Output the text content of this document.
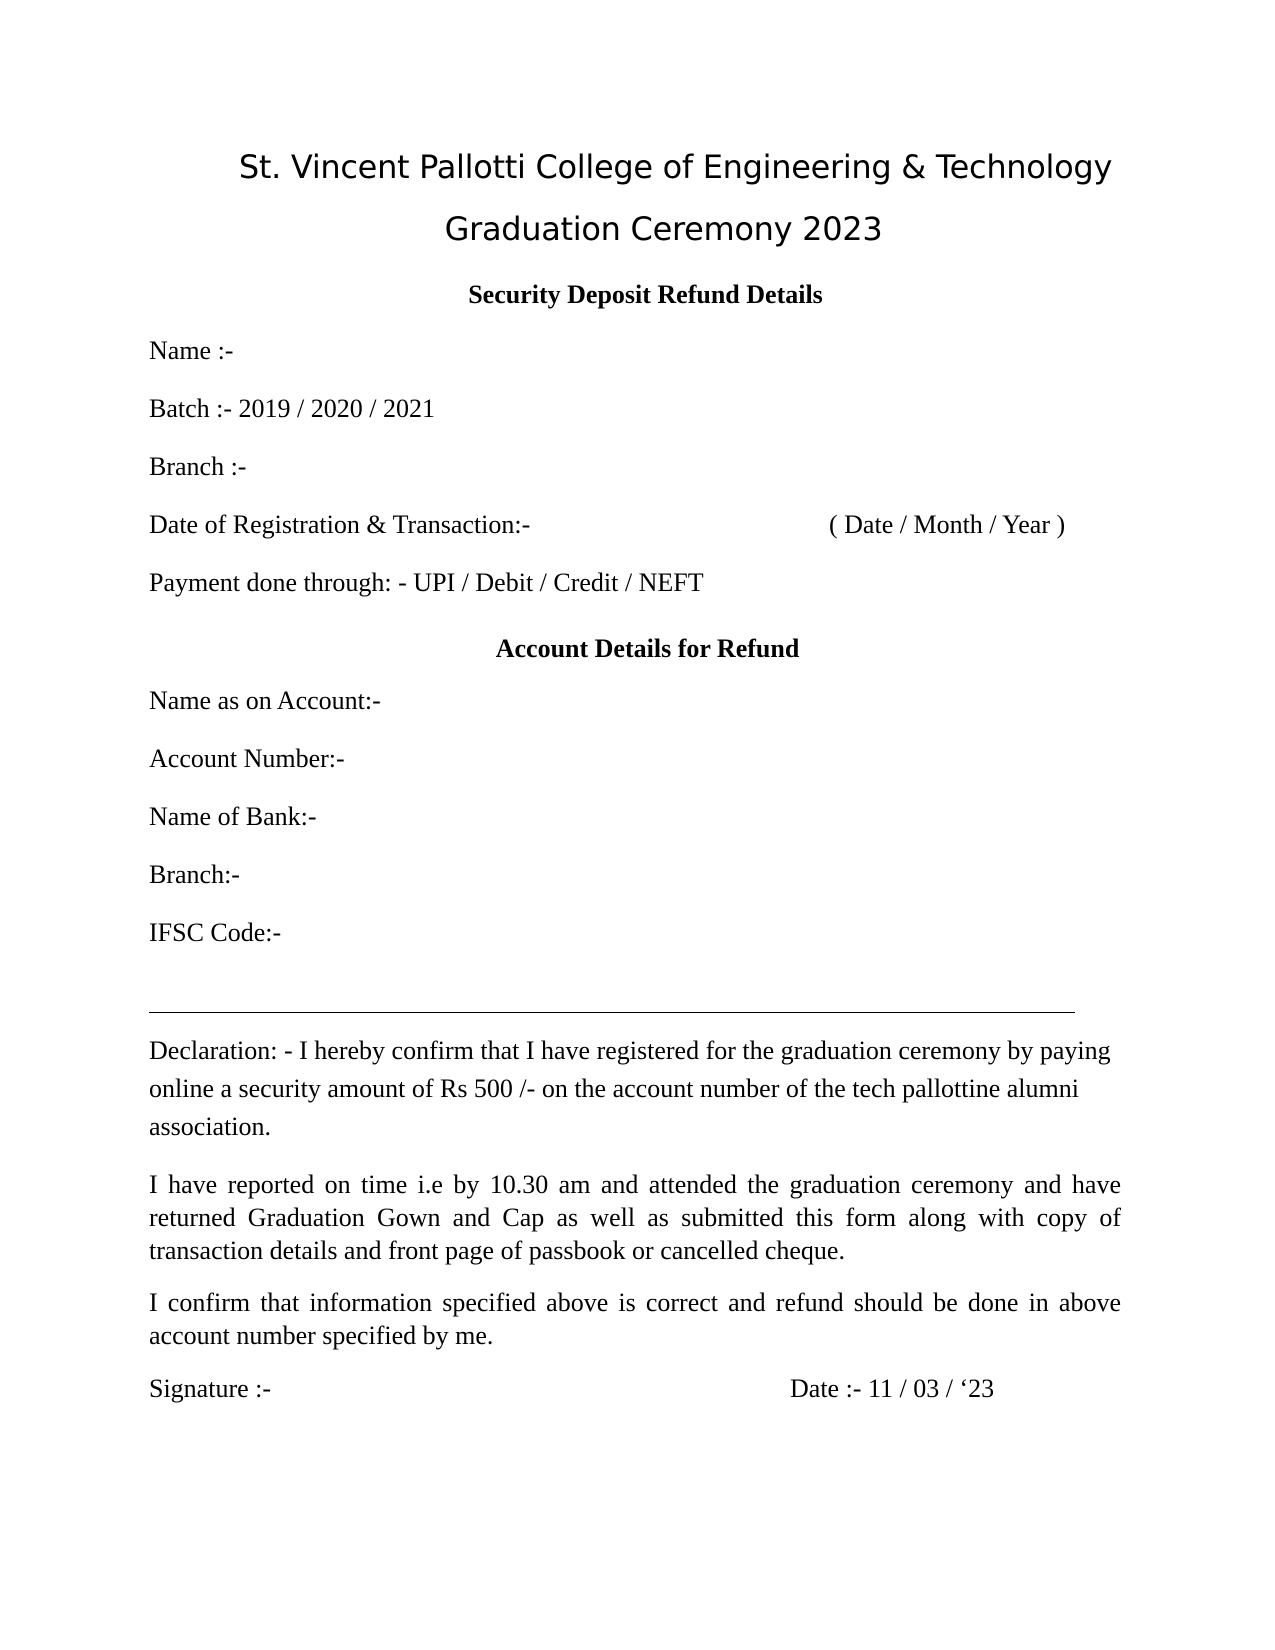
St. Vincent Pallotti College of Engineering & Technology
Graduation Ceremony 2023
Security Deposit Refund Details
Name :-
Batch :- 2019 / 2020 / 2021
Branch :-
Date of Registration & Transaction:-	( Date / Month / Year )
Payment done through: - UPI / Debit / Credit / NEFT
Account Details for Refund
Name as on Account:-
Account Number:-
Name of Bank:-
Branch:-
IFSC Code:-
Declaration: - I hereby confirm that I have registered for the graduation ceremony by paying online a security amount of Rs 500 /- on the account number of the tech pallottine alumni association.
I have reported on time i.e by 10.30 am and attended the graduation ceremony and have returned Graduation Gown and Cap as well as submitted this form along with copy of transaction details and front page of passbook or cancelled cheque.
I confirm that information specified above is correct and refund should be done in above account number specified by me.
Signature :-	Date :- 11 / 03 / ‘23
